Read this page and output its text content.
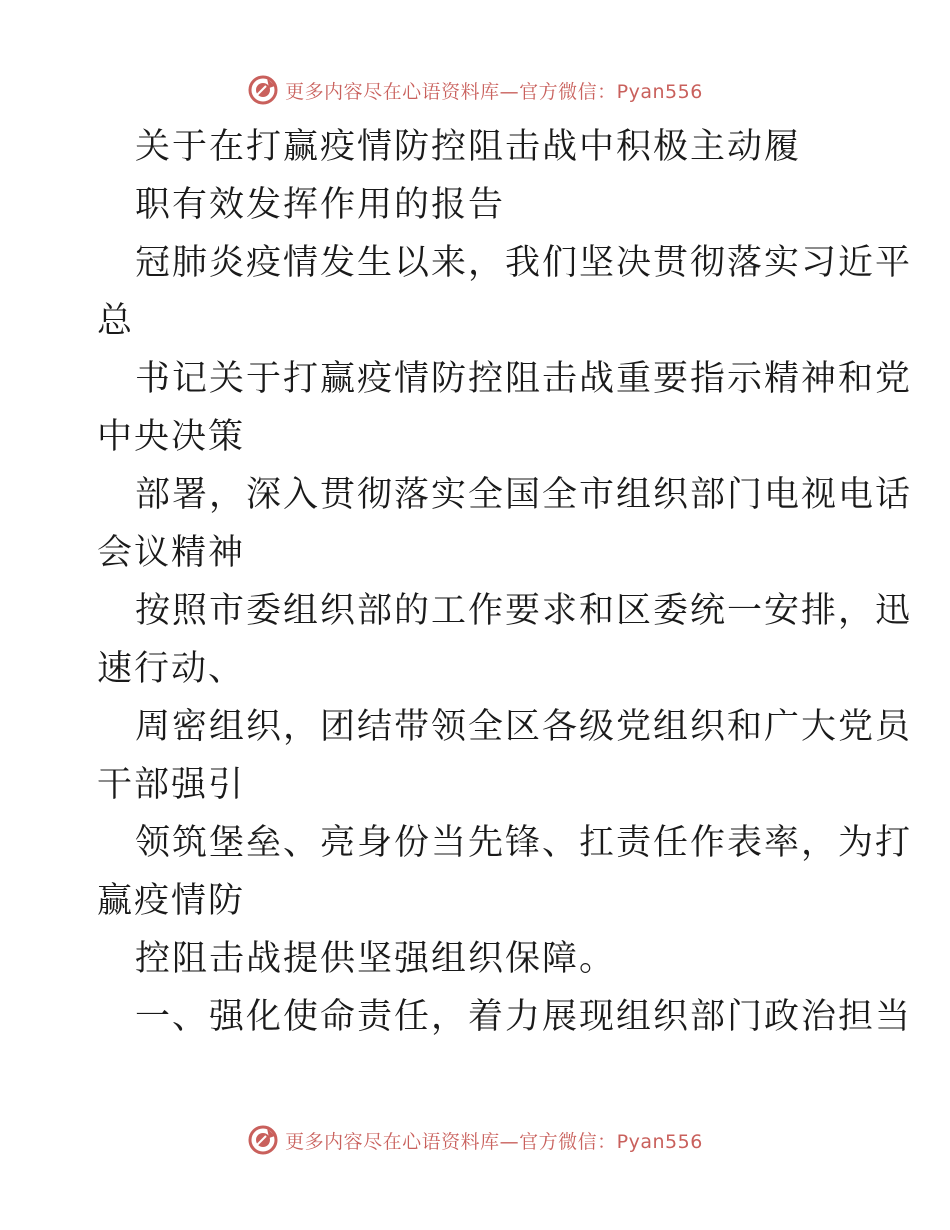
更多内容尽在心语资料库—官方微信：Pyan556
关于在打赢疫情防控阻击战中积极主动履
职有效发挥作用的报告
冠肺炎疫情发生以来，我们坚决贯彻落实习近平
总
书记关于打赢疫情防控阻击战重要指示精神和党
中央决策
部署，深入贯彻落实全国全市组织部门电视电话
会议精神
按照市委组织部的工作要求和区委统一安排，迅
速行动、
周密组织，团结带领全区各级党组织和广大党员
干部强引
领筑堡垒、亮身份当先锋、扛责任作表率，为打
赢疫情防
控阻击战提供坚强组织保障。
一、强化使命责任，着力展现组织部门政治担当
更多内容尽在心语资料库—官方微信：Pyan556
